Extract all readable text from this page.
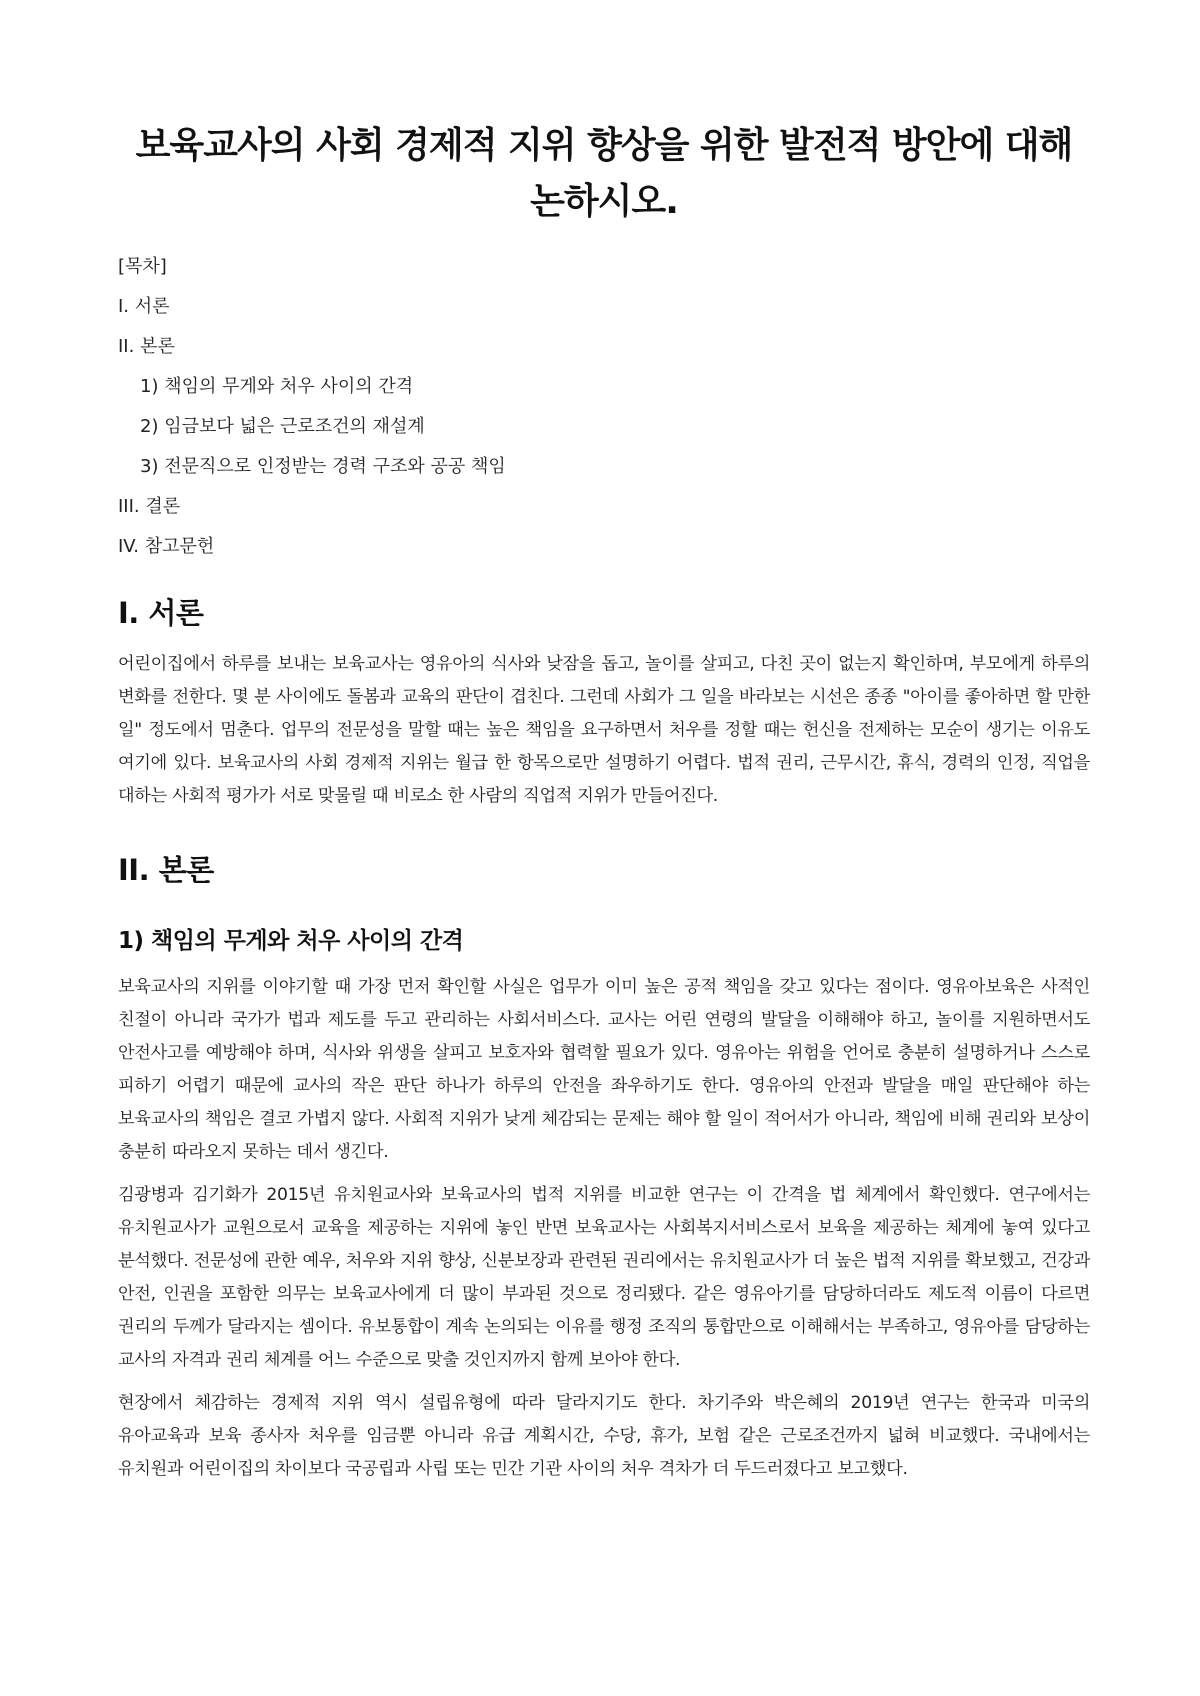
보육교사의 사회 경제적 지위 향상을 위한 발전적 방안에 대해 논하시오.
[목차]
I. 서론
II. 본론
1) 책임의 무게와 처우 사이의 간격
2) 임금보다 넓은 근로조건의 재설계
3) 전문직으로 인정받는 경력 구조와 공공 책임
III. 결론
IV. 참고문헌
I. 서론

어린이집에서 하루를 보내는 보육교사는 영유아의 식사와 낮잠을 돕고, 놀이를 살피고, 다친 곳이 없는지 확인하며, 부모에게 하루의 변화를 전한다. 몇 분 사이에도 돌봄과 교육의 판단이 겹친다. 그런데 사회가 그 일을 바라보는 시선은 종종 "아이를 좋아하면 할 만한 일" 정도에서 멈춘다. 업무의 전문성을 말할 때는 높은 책임을 요구하면서 처우를 정할 때는 헌신을 전제하는 모순이 생기는 이유도 여기에 있다. 보육교사의 사회 경제적 지위는 월급 한 항목으로만 설명하기 어렵다. 법적 권리, 근무시간, 휴식, 경력의 인정, 직업을 대하는 사회적 평가가 서로 맞물릴 때 비로소 한 사람의 직업적 지위가 만들어진다.

II. 본론
1) 책임의 무게와 처우 사이의 간격

보육교사의 지위를 이야기할 때 가장 먼저 확인할 사실은 업무가 이미 높은 공적 책임을 갖고 있다는 점이다. 영유아보육은 사적인 친절이 아니라 국가가 법과 제도를 두고 관리하는 사회서비스다. 교사는 어린 연령의 발달을 이해해야 하고, 놀이를 지원하면서도 안전사고를 예방해야 하며, 식사와 위생을 살피고 보호자와 협력할 필요가 있다. 영유아는 위험을 언어로 충분히 설명하거나 스스로 피하기 어렵기 때문에 교사의 작은 판단 하나가 하루의 안전을 좌우하기도 한다. 영유아의 안전과 발달을 매일 판단해야 하는 보육교사의 책임은 결코 가볍지 않다. 사회적 지위가 낮게 체감되는 문제는 해야 할 일이 적어서가 아니라, 책임에 비해 권리와 보상이 충분히 따라오지 못하는 데서 생긴다.

김광병과 김기화가 2015년 유치원교사와 보육교사의 법적 지위를 비교한 연구는 이 간격을 법 체계에서 확인했다. 연구에서는 유치원교사가 교원으로서 교육을 제공하는 지위에 놓인 반면 보육교사는 사회복지서비스로서 보육을 제공하는 체계에 놓여 있다고 분석했다. 전문성에 관한 예우, 처우와 지위 향상, 신분보장과 관련된 권리에서는 유치원교사가 더 높은 법적 지위를 확보했고, 건강과 안전, 인권을 포함한 의무는 보육교사에게 더 많이 부과된 것으로 정리됐다. 같은 영유아기를 담당하더라도 제도적 이름이 다르면 권리의 두께가 달라지는 셈이다. 유보통합이 계속 논의되는 이유를 행정 조직의 통합만으로 이해해서는 부족하고, 영유아를 담당하는 교사의 자격과 권리 체계를 어느 수준으로 맞출 것인지까지 함께 보아야 한다.

현장에서 체감하는 경제적 지위 역시 설립유형에 따라 달라지기도 한다. 차기주와 박은혜의 2019년 연구는 한국과 미국의 유아교육과 보육 종사자 처우를 임금뿐 아니라 유급 계획시간, 수당, 휴가, 보험 같은 근로조건까지 넓혀 비교했다. 국내에서는 유치원과 어린이집의 차이보다 국공립과 사립 또는 민간 기관 사이의 처우 격차가 더 두드러졌다고 보고했다.
